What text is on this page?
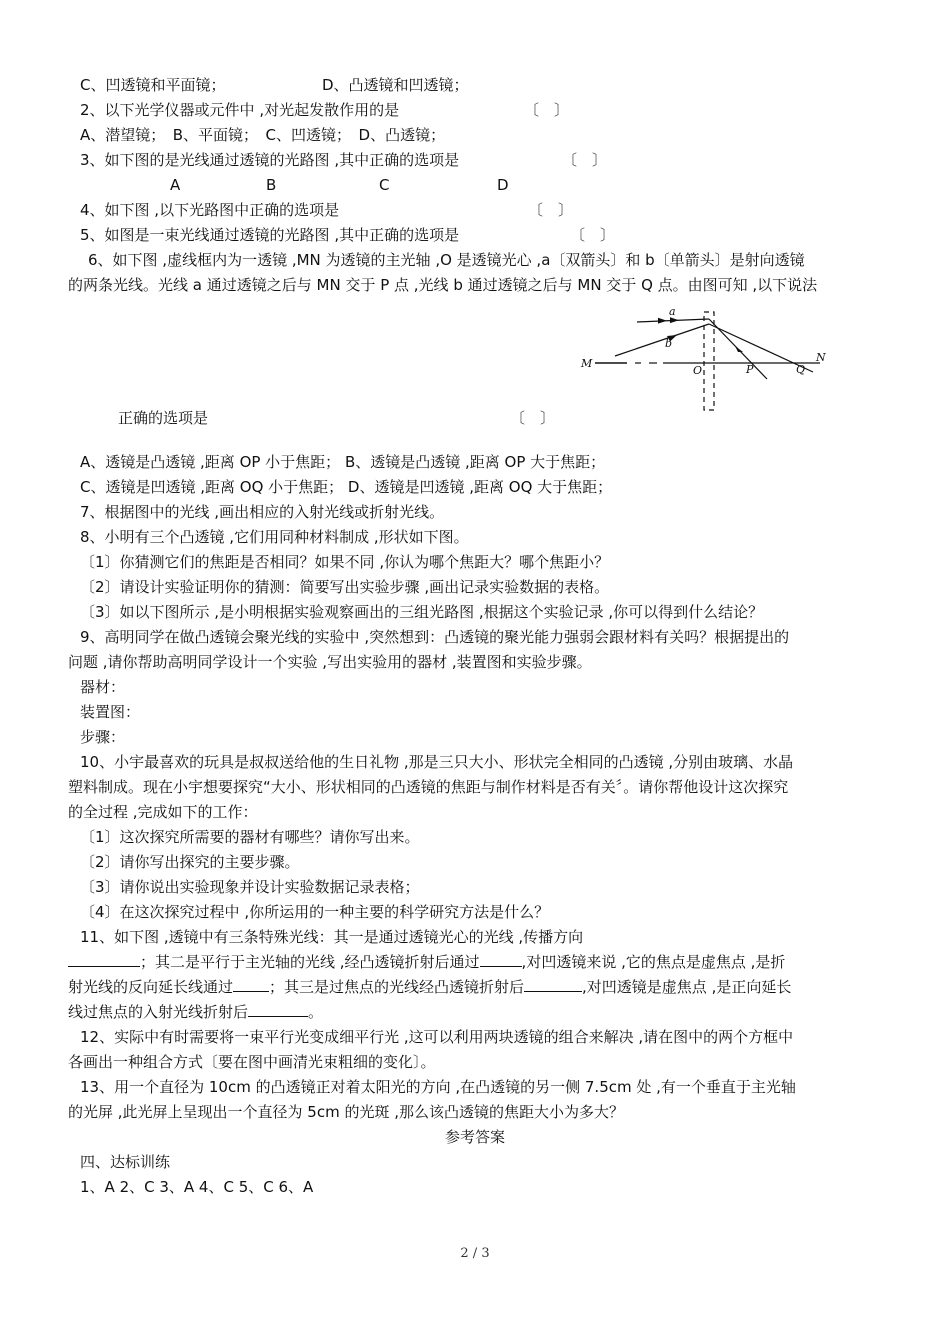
C、凹透镜和平面镜；	D、凸透镜和凹透镜；
2、以下光学仪器或元件中 ,对光起发散作用的是	〔　〕
A、潜望镜；　B、平面镜；　C、凹透镜；　D、凸透镜；
3、如下图的是光线通过透镜的光路图 ,其中正确的选项是	〔　〕
A	B	C	D
4、如下图 ,以下光路图中正确的选项是	〔　〕
5、如图是一束光线通过透镜的光路图 ,其中正确的选项是	〔　〕
6、如下图 ,虚线框内为一透镜 ,MN 为透镜的主光轴 ,O 是透镜光心 ,a〔双箭头〕和 b〔单箭头〕是射向透镜
的两条光线。光线 a 通过透镜之后与 MN 交于 P 点 ,光线 b 通过透镜之后与 MN 交于 Q 点。由图可知 ,以下说法
M	N
O	P	Q
a
b
正确的选项是	〔　〕
A、透镜是凸透镜 ,距离 OP 小于焦距； B、透镜是凸透镜 ,距离 OP 大于焦距；
C、透镜是凹透镜 ,距离 OQ 小于焦距； D、透镜是凹透镜 ,距离 OQ 大于焦距；
7、根据图中的光线 ,画出相应的入射光线或折射光线。
8、小明有三个凸透镜 ,它们用同种材料制成 ,形状如下图。
〔1〕你猜测它们的焦距是否相同？如果不同 ,你认为哪个焦距大？哪个焦距小？
〔2〕请设计实验证明你的猜测：简要写出实验步骤 ,画出记录实验数据的表格。
〔3〕如以下图所示 ,是小明根据实验观察画出的三组光路图 ,根据这个实验记录 ,你可以得到什么结论？
9、高明同学在做凸透镜会聚光线的实验中 ,突然想到：凸透镜的聚光能力强弱会跟材料有关吗？根据提出的
问题 ,请你帮助高明同学设计一个实验 ,写出实验用的器材 ,装置图和实验步骤。
器材：
装置图：
步骤：
10、小宇最喜欢的玩具是叔叔送给他的生日礼物 ,那是三只大小、形状完全相同的凸透镜 ,分别由玻璃、水晶
塑料制成。现在小宇想要探究“大小、形状相同的凸透镜的焦距与制作材料是否有关〞。请你帮他设计这次探究
的全过程 ,完成如下的工作：
〔1〕这次探究所需要的器材有哪些？请你写出来。
〔2〕请你写出探究的主要步骤。
〔3〕请你说出实验现象并设计实验数据记录表格；
〔4〕在这次探究过程中 ,你所运用的一种主要的科学研究方法是什么？
11、如下图 ,透镜中有三条特殊光线：其一是通过透镜光心的光线 ,传播方向
；其二是平行于主光轴的光线 ,经凸透镜折射后通过	,对凹透镜来说 ,它的焦点是虚焦点 ,是折
射光线的反向延长线通过 ；其三是过焦点的光线经凸透镜折射后	,对凹透镜是虚焦点 ,是正向延长
线过焦点的入射光线折射后	。
12、实际中有时需要将一束平行光变成细平行光 ,这可以利用两块透镜的组合来解决 ,请在图中的两个方框中
各画出一种组合方式〔要在图中画清光束粗细的变化〕。
13、用一个直径为 10cm 的凸透镜正对着太阳光的方向 ,在凸透镜的另一侧 7.5cm 处 ,有一个垂直于主光轴
的光屏 ,此光屏上呈现出一个直径为 5cm 的光斑 ,那么该凸透镜的焦距大小为多大？
参考答案
四、达标训练
1、A 2、C 3、A 4、C 5、C 6、A
2 / 3
